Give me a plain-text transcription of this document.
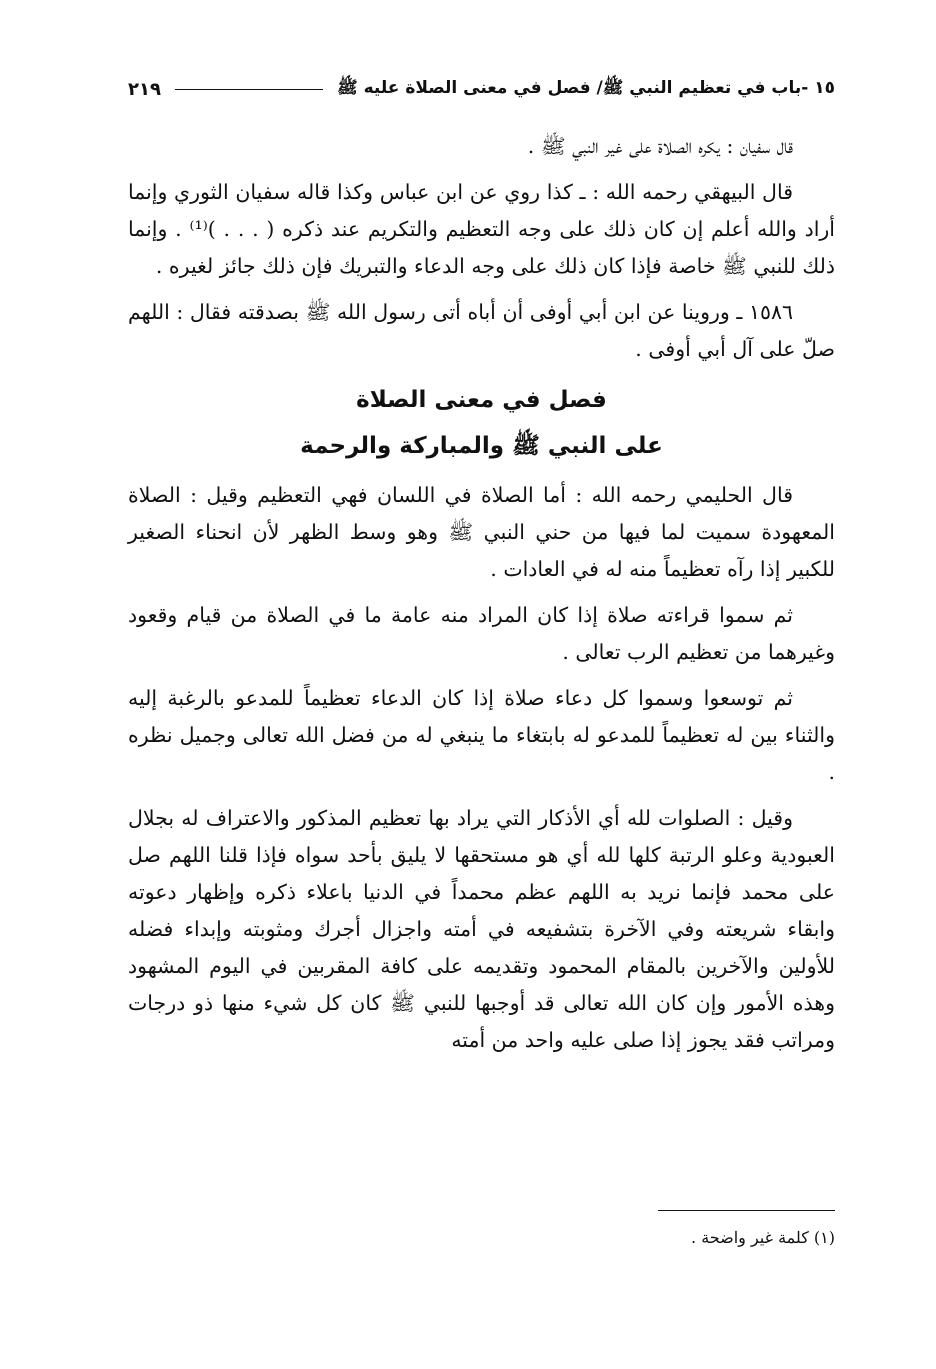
١٥ -باب في تعظيم النبي ﷺ/ فصل في معنى الصلاة عليه ﷺ
٢١٩

قال سفيان : يكره الصلاة على غير النبي ﷺ .

قال البيهقي رحمه الله : ـ كذا روي عن ابن عباس وكذا قاله سفيان الثوري وإنما أراد والله أعلم إن كان ذلك على وجه التعظيم والتكريم عند ذكره ( . . . )⁽¹⁾ . وإنما ذلك للنبي ﷺ خاصة فإذا كان ذلك على وجه الدعاء والتبريك فإن ذلك جائز لغيره .

١٥٨٦ ـ وروينا عن ابن أبي أوفى أن أباه أتى رسول الله ﷺ بصدقته فقال : اللهم صلّ على آل أبي أوفى .

فصل في معنى الصلاة

على النبي ﷺ والمباركة والرحمة

قال الحليمي رحمه الله : أما الصلاة في اللسان فهي التعظيم وقيل : الصلاة المعهودة سميت لما فيها من حني النبي ﷺ وهو وسط الظهر لأن انحناء الصغير للكبير إذا رآه تعظيماً منه له في العادات .

ثم سموا قراءته صلاة إذا كان المراد منه عامة ما في الصلاة من قيام وقعود وغيرهما من تعظيم الرب تعالى .

ثم توسعوا وسموا كل دعاء صلاة إذا كان الدعاء تعظيماً للمدعو بالرغبة إليه والثناء بين له تعظيماً للمدعو له بابتغاء ما ينبغي له من فضل الله تعالى وجميل نظره .

وقيل : الصلوات لله أي الأذكار التي يراد بها تعظيم المذكور والاعتراف له بجلال العبودية وعلو الرتبة كلها لله أي هو مستحقها لا يليق بأحد سواه فإذا قلنا اللهم صل على محمد فإنما نريد به اللهم عظم محمداً في الدنيا باعلاء ذكره وإظهار دعوته وابقاء شريعته وفي الآخرة بتشفيعه في أمته واجزال أجرك ومثوبته وإبداء فضله للأولين والآخرين بالمقام المحمود وتقديمه على كافة المقربين في اليوم المشهود وهذه الأمور وإن كان الله تعالى قد أوجبها للنبي ﷺ كان كل شيء منها ذو درجات ومراتب فقد يجوز إذا صلى عليه واحد من أمته

(١) كلمة غير واضحة .
